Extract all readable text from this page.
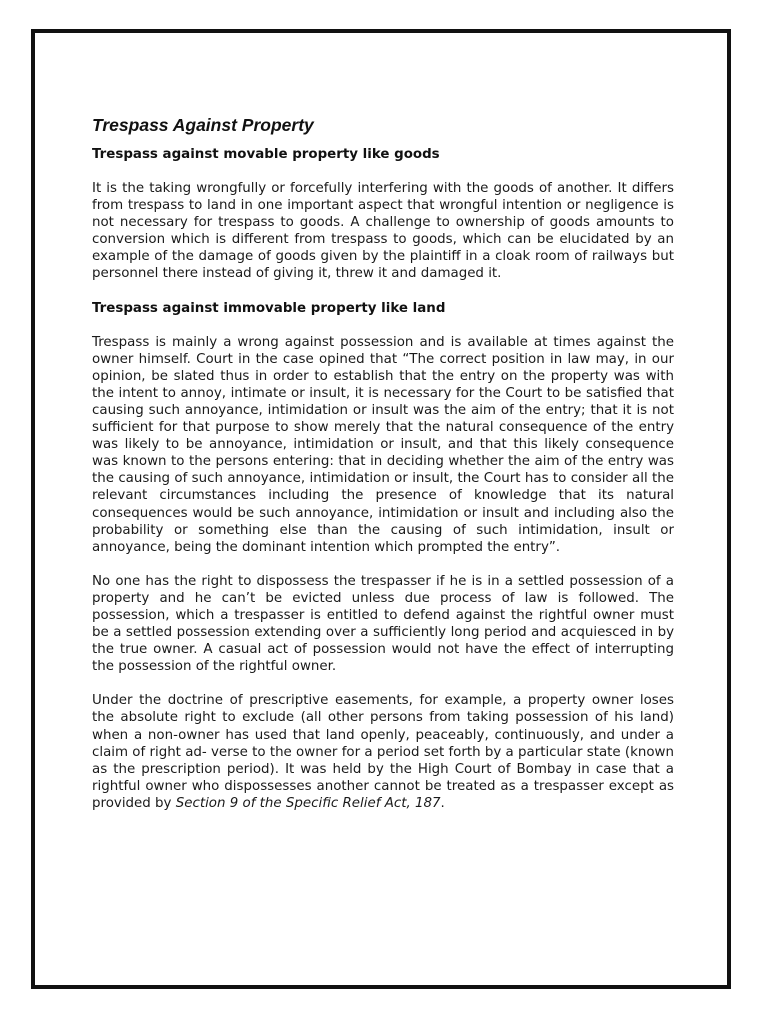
Trespass Against Property
Trespass against movable property like goods

It is the taking wrongfully or forcefully interfering with the goods of another. It differs from trespass to land in one important aspect that wrongful intention or negligence is not necessary for trespass to goods. A challenge to ownership of goods amounts to conversion which is different from trespass to goods, which can be elucidated by an example of the damage of goods given by the plaintiff in a cloak room of railways but personnel there instead of giving it, threw it and damaged it.

Trespass against immovable property like land

Trespass is mainly a wrong against possession and is available at times against the owner himself. Court in the case opined that “The correct position in law may, in our opinion, be slated thus in order to establish that the entry on the property was with the intent to annoy, intimate or insult, it is necessary for the Court to be satisfied that causing such annoyance, intimidation or insult was the aim of the entry; that it is not sufficient for that purpose to show merely that the natural consequence of the entry was likely to be annoyance, intimidation or insult, and that this likely consequence was known to the persons entering: that in deciding whether the aim of the entry was the causing of such annoyance, intimidation or insult, the Court has to consider all the relevant circumstances including the presence of knowledge that its natural consequences would be such annoyance, intimidation or insult and including also the probability or something else than the causing of such intimidation, insult or annoyance, being the dominant intention which prompted the entry”.

No one has the right to dispossess the trespasser if he is in a settled possession of a property and he can’t be evicted unless due process of law is followed. The possession, which a trespasser is entitled to defend against the rightful owner must be a settled possession extending over a sufficiently long period and acquiesced in by the true owner. A casual act of possession would not have the effect of interrupting the possession of the rightful owner.

Under the doctrine of prescriptive easements, for example, a property owner loses the absolute right to exclude (all other persons from taking possession of his land) when a non-owner has used that land openly, peaceably, continuously, and under a claim of right ad- verse to the owner for a period set forth by a particular state (known as the prescription period). It was held by the High Court of Bombay in case that a rightful owner who dispossesses another cannot be treated as a trespasser except as provided by Section 9 of the Specific Relief Act, 187.
